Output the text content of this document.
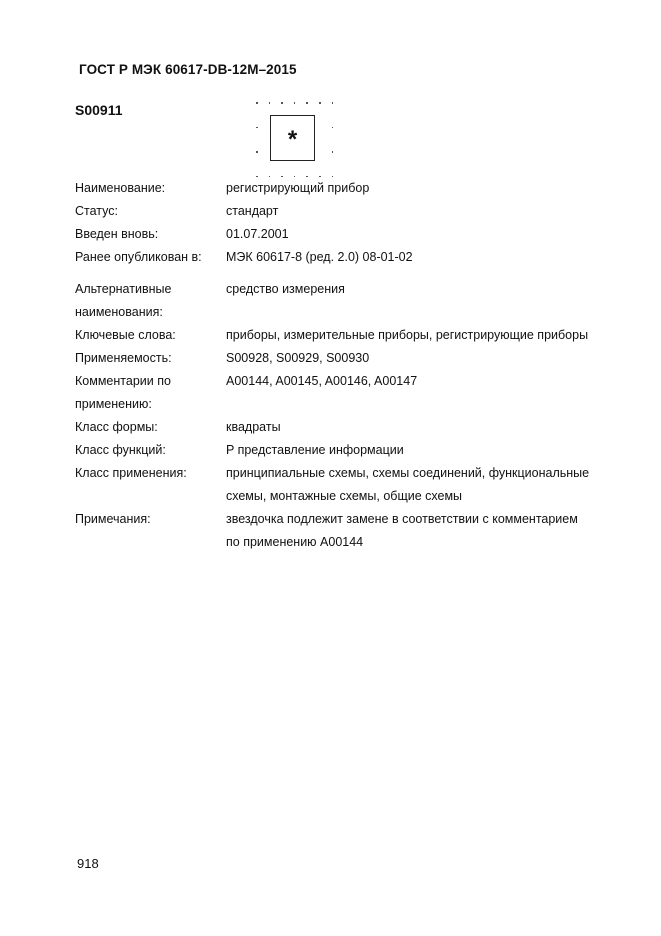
ГОСТ Р МЭК 60617-DB-12M–2015
S00911
*
Наименование:	регистрирующий прибор
Статус:	стандарт
Введен вновь:	01.07.2001
Ранее опубликован в:	МЭК 60617-8 (ред. 2.0) 08-01-02
Альтернативные наименования:
средство измерения
Ключевые слова:	приборы, измерительные приборы, регистрирующие приборы
Применяемость:	S00928, S00929, S00930
Комментарии по применению:
A00144, A00145, A00146, A00147
Класс формы:	квадраты
Класс функций:	P представление информации
Класс применения:	принципиальные схемы, схемы соединений, функциональные схемы, монтажные схемы, общие схемы
Примечания:	звездочка подлежит замене в соответствии с комментарием по применению A00144
918
